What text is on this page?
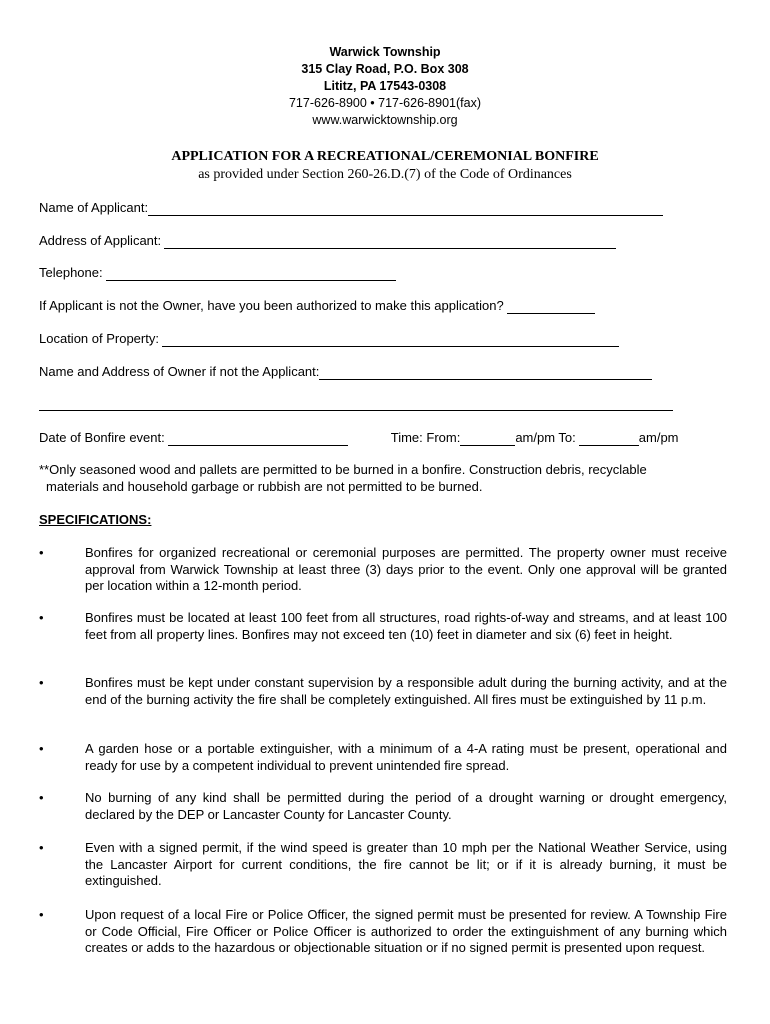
Warwick Township
315 Clay Road, P.O. Box 308
Lititz, PA 17543-0308
717-626-8900 • 717-626-8901(fax)
www.warwicktownship.org
APPLICATION FOR A RECREATIONAL/CEREMONIAL BONFIRE
as provided under Section 260-26.D.(7) of the Code of Ordinances
Name of Applicant:
Address of Applicant:
Telephone:
If Applicant is not the Owner, have you been authorized to make this application?
Location of Property:
Name and Address of Owner if not the Applicant:
Date of Bonfire event:	Time: From:	am/pm To:	am/pm
**Only seasoned wood and pallets are permitted to be burned in a bonfire. Construction debris, recyclable
materials and household garbage or rubbish are not permitted to be burned.
SPECIFICATIONS:
•	Bonfires for organized recreational or ceremonial purposes are permitted. The property owner must receive approval from Warwick Township at least three (3) days prior to the event. Only one approval will be granted per location within a 12-month period.
•	Bonfires must be located at least 100 feet from all structures, road rights-of-way and streams, and at least 100 feet from all property lines. Bonfires may not exceed ten (10) feet in diameter and six (6) feet in height.
•	Bonfires must be kept under constant supervision by a responsible adult during the burning activity, and at the end of the burning activity the fire shall be completely extinguished. All fires must be extinguished by 11 p.m.
•	A garden hose or a portable extinguisher, with a minimum of a 4-A rating must be present, operational and ready for use by a competent individual to prevent unintended fire spread.
•	No burning of any kind shall be permitted during the period of a drought warning or drought emergency, declared by the DEP or Lancaster County for Lancaster County.
•	Even with a signed permit, if the wind speed is greater than 10 mph per the National Weather Service, using the Lancaster Airport for current conditions, the fire cannot be lit; or if it is already burning, it must be extinguished.
•	Upon request of a local Fire or Police Officer, the signed permit must be presented for review. A Township Fire or Code Official, Fire Officer or Police Officer is authorized to order the extinguishment of any burning which creates or adds to the hazardous or objectionable situation or if no signed permit is presented upon request.
